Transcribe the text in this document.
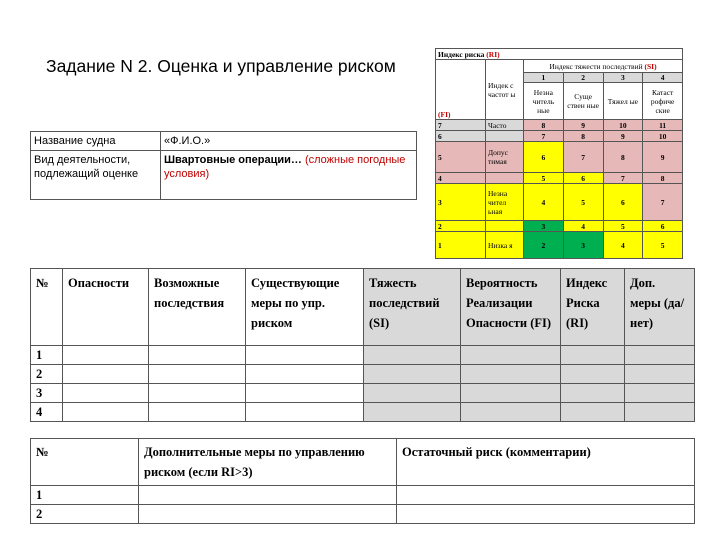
Задание N 2. Оценка и управление риском
Название судна	«Ф.И.О.»
Вид деятельности, подлежащий оценке	Швартовные операции… (сложные погодные условия)
Индекс риска (RI)					
(FI)	Индек с частот ы	Индекс тяжести последствий (SI)			
		1	2	3	4
		Незна читель ные	Суще ствен ные	Тяжел ые	Катаст рофиче ские
7	Часто	8	9	10	11
6		7	8	9	10
5	Допус тимая	6	7	8	9
4		5	6	7	8
3	Незна чител ьная	4	5	6	7
2		3	4	5	6
1	Низка я	2	3	4	5
№	Опасности	Возможные последствия	Существующие меры по упр. риском	Тяжесть последствий (SI)	Вероятность Реализации Опасности (FI)	Индекс Риска (RI)	Доп. меры (да/нет)
1							
2							
3							
4							
№	Дополнительные меры по управлению риском (если RI>3)	Остаточный риск (комментарии)
1		
2		
